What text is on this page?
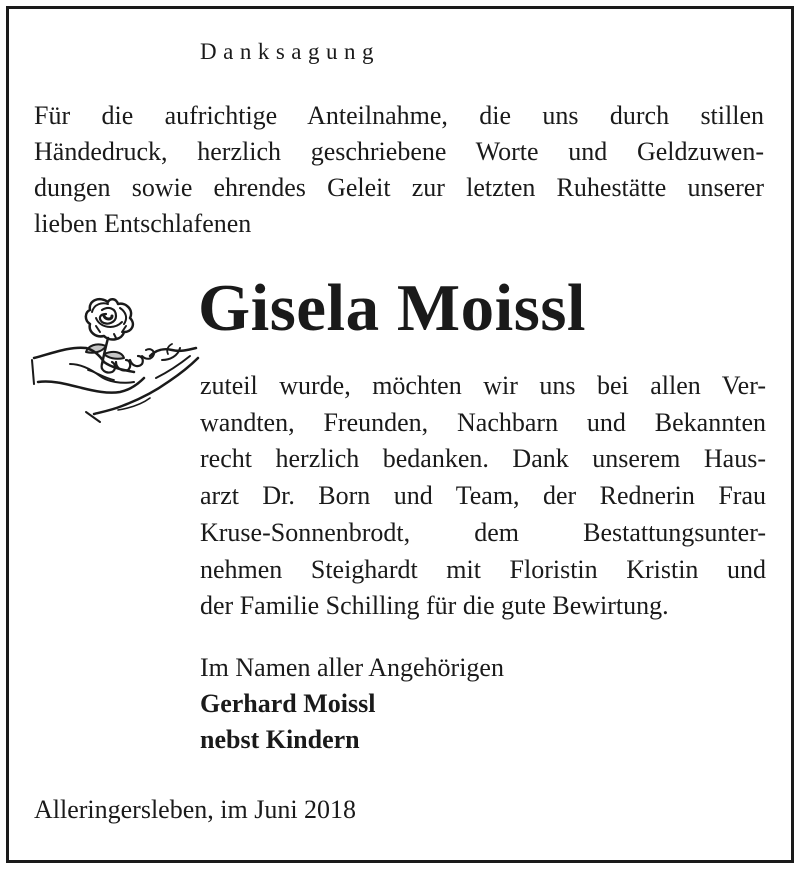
Danksagung
Für die aufrichtige Anteilnahme, die uns durch stillen
Händedruck, herzlich geschriebene Worte und Geldzuwen-
dungen sowie ehrendes Geleit zur letzten Ruhestätte unserer
lieben Entschlafenen
Gisela Moissl
zuteil wurde, möchten wir uns bei allen Ver-
wandten, Freunden, Nachbarn und Bekannten
recht herzlich bedanken. Dank unserem Haus-
arzt Dr. Born und Team, der Rednerin Frau
Kruse-Sonnenbrodt, dem Bestattungsunter-
nehmen Steighardt mit Floristin Kristin und
der Familie Schilling für die gute Bewirtung.
Im Namen aller Angehörigen
Gerhard Moissl
nebst Kindern
Alleringersleben, im Juni 2018
